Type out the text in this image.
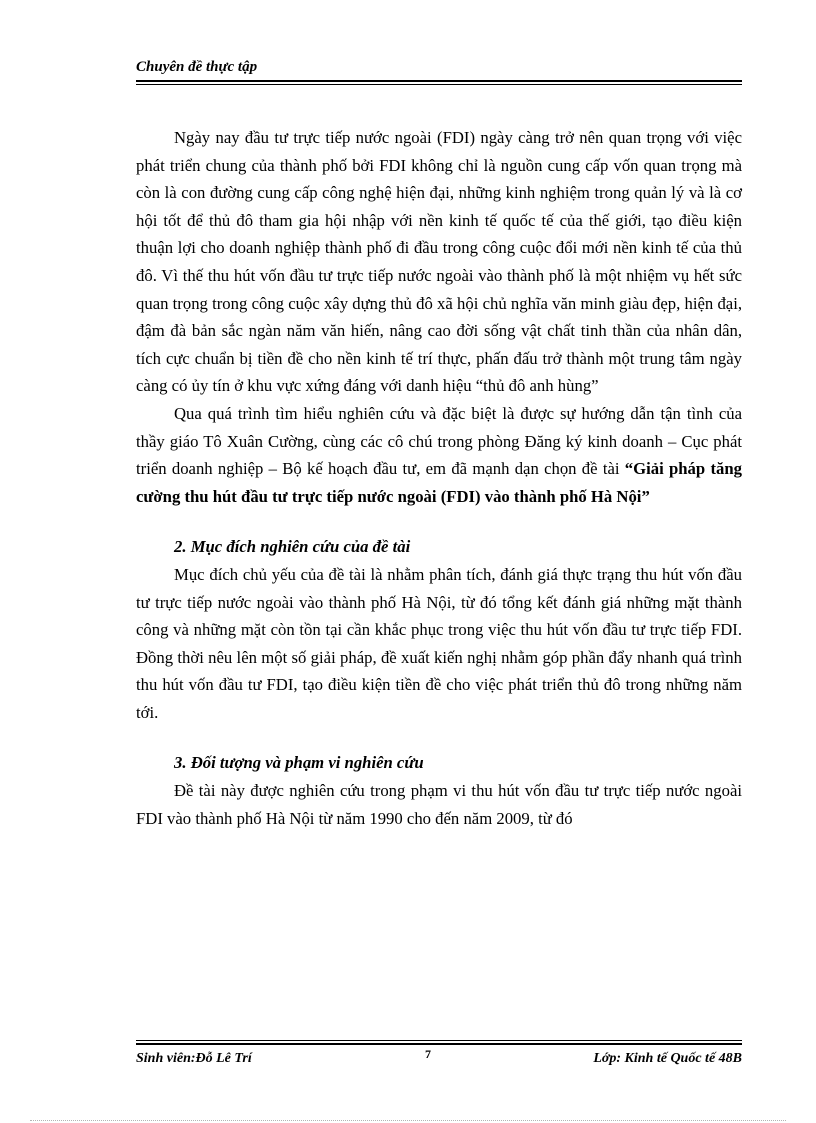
Chuyên đề thực tập

Ngày nay đầu tư trực tiếp nước ngoài (FDI) ngày càng trở nên quan trọng với việc phát triển chung của thành phố bởi FDI không chỉ là nguồn cung cấp vốn quan trọng mà còn là con đường cung cấp công nghệ hiện đại, những kinh nghiệm trong quản lý và là cơ hội tốt để thủ đô tham gia hội nhập với nền kinh tế quốc tế của thế giới, tạo điều kiện thuận lợi cho doanh nghiệp thành phố đi đầu trong công cuộc đổi mới nền kinh tế của thủ đô. Vì thế thu hút vốn đầu tư trực tiếp nước ngoài vào thành phố là một nhiệm vụ hết sức quan trọng trong công cuộc xây dựng thủ đô xã hội chủ nghĩa văn minh giàu đẹp, hiện đại, đậm đà bản sắc ngàn năm văn hiến, nâng cao đời sống vật chất tinh thần của nhân dân, tích cực chuẩn bị tiền đề cho nền kinh tế trí thực, phấn đấu trở thành một trung tâm ngày càng có ủy tín ở khu vực xứng đáng với danh hiệu “thủ đô anh hùng”

Qua quá trình tìm hiểu nghiên cứu và đặc biệt là được sự hướng dẫn tận tình của thầy giáo Tô Xuân Cường, cùng các cô chú trong phòng Đăng ký kinh doanh – Cục phát triển doanh nghiệp – Bộ kế hoạch đầu tư, em đã mạnh dạn chọn đề tài “Giải pháp tăng cường thu hút đầu tư trực tiếp nước ngoài (FDI) vào thành phố Hà Nội”

2. Mục đích nghiên cứu của đề tài

Mục đích chủ yếu của đề tài là nhằm phân tích, đánh giá thực trạng thu hút vốn đầu tư trực tiếp nước ngoài vào thành phố Hà Nội, từ đó tổng kết đánh giá những mặt thành công và những mặt còn tồn tại cần khắc phục trong việc thu hút vốn đầu tư trực tiếp FDI. Đồng thời nêu lên một số giải pháp, đề xuất kiến nghị nhằm góp phần đẩy nhanh quá trình thu hút vốn đầu tư FDI, tạo điều kiện tiền đề cho việc phát triển thủ đô trong những năm tới.

3. Đối tượng và phạm vi nghiên cứu

Đề tài này được nghiên cứu trong phạm vi thu hút vốn đầu tư trực tiếp nước ngoài FDI vào thành phố Hà Nội từ năm 1990 cho đến năm 2009, từ đó

Sinh viên:Đỗ Lê Trí	7	Lớp: Kinh tế Quốc tế 48B
